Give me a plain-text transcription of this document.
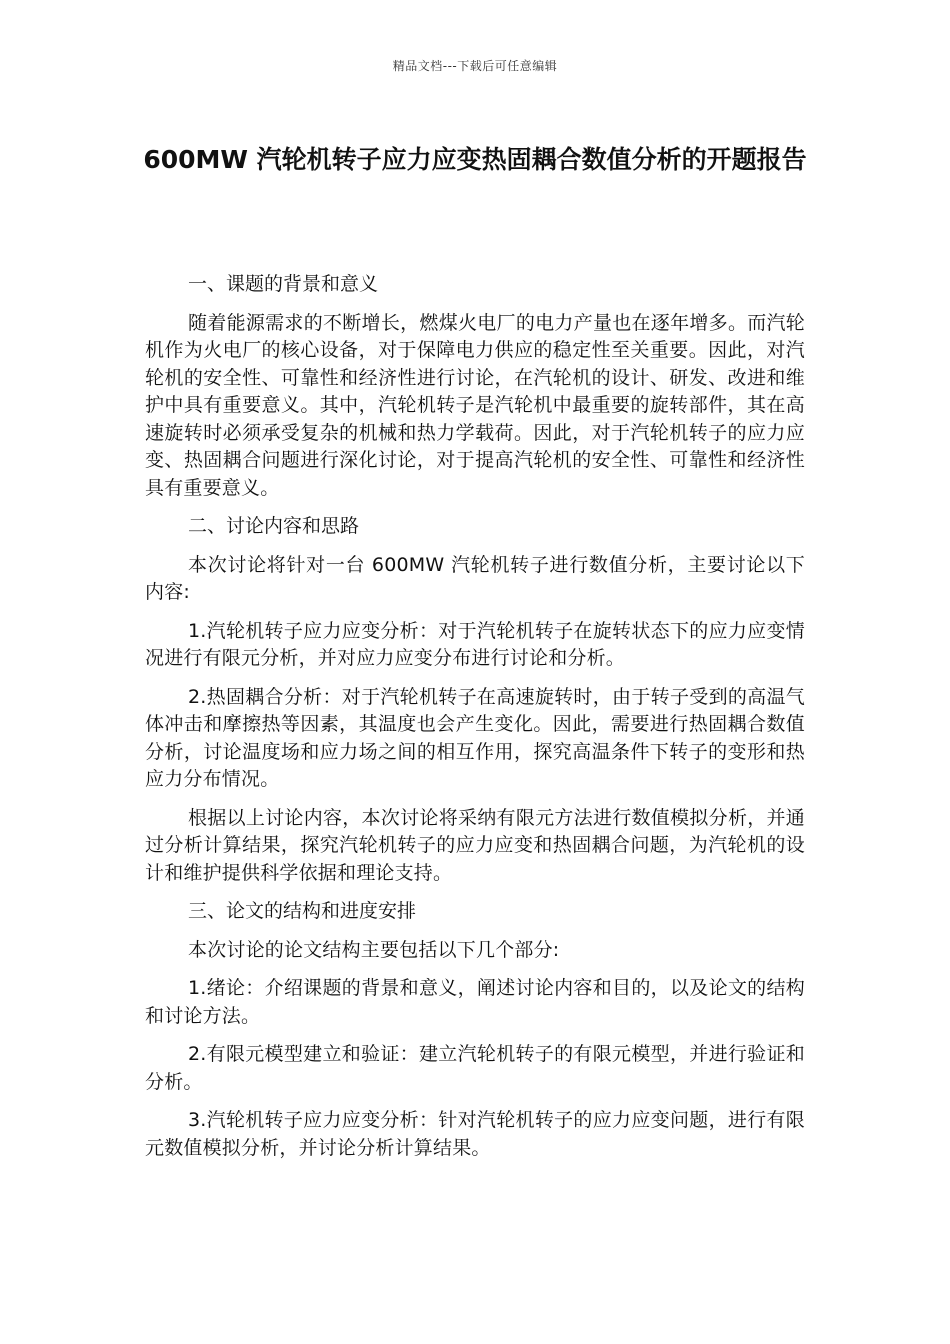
精品文档---下载后可任意编辑
600MW 汽轮机转子应力应变热固耦合数值分析的开题报告

一、课题的背景和意义

随着能源需求的不断增长，燃煤火电厂的电力产量也在逐年增多。而汽轮机作为火电厂的核心设备，对于保障电力供应的稳定性至关重要。因此，对汽轮机的安全性、可靠性和经济性进行讨论，在汽轮机的设计、研发、改进和维护中具有重要意义。其中，汽轮机转子是汽轮机中最重要的旋转部件，其在高速旋转时必须承受复杂的机械和热力学载荷。因此，对于汽轮机转子的应力应变、热固耦合问题进行深化讨论，对于提高汽轮机的安全性、可靠性和经济性具有重要意义。

二、讨论内容和思路

本次讨论将针对一台 600MW 汽轮机转子进行数值分析，主要讨论以下内容:

1.汽轮机转子应力应变分析：对于汽轮机转子在旋转状态下的应力应变情况进行有限元分析，并对应力应变分布进行讨论和分析。

2.热固耦合分析：对于汽轮机转子在高速旋转时，由于转子受到的高温气体冲击和摩擦热等因素，其温度也会产生变化。因此，需要进行热固耦合数值分析，讨论温度场和应力场之间的相互作用，探究高温条件下转子的变形和热应力分布情况。

根据以上讨论内容，本次讨论将采纳有限元方法进行数值模拟分析，并通过分析计算结果，探究汽轮机转子的应力应变和热固耦合问题，为汽轮机的设计和维护提供科学依据和理论支持。

三、论文的结构和进度安排

本次讨论的论文结构主要包括以下几个部分:

1.绪论：介绍课题的背景和意义，阐述讨论内容和目的，以及论文的结构和讨论方法。

2.有限元模型建立和验证：建立汽轮机转子的有限元模型，并进行验证和分析。

3.汽轮机转子应力应变分析：针对汽轮机转子的应力应变问题，进行有限元数值模拟分析，并讨论分析计算结果。
